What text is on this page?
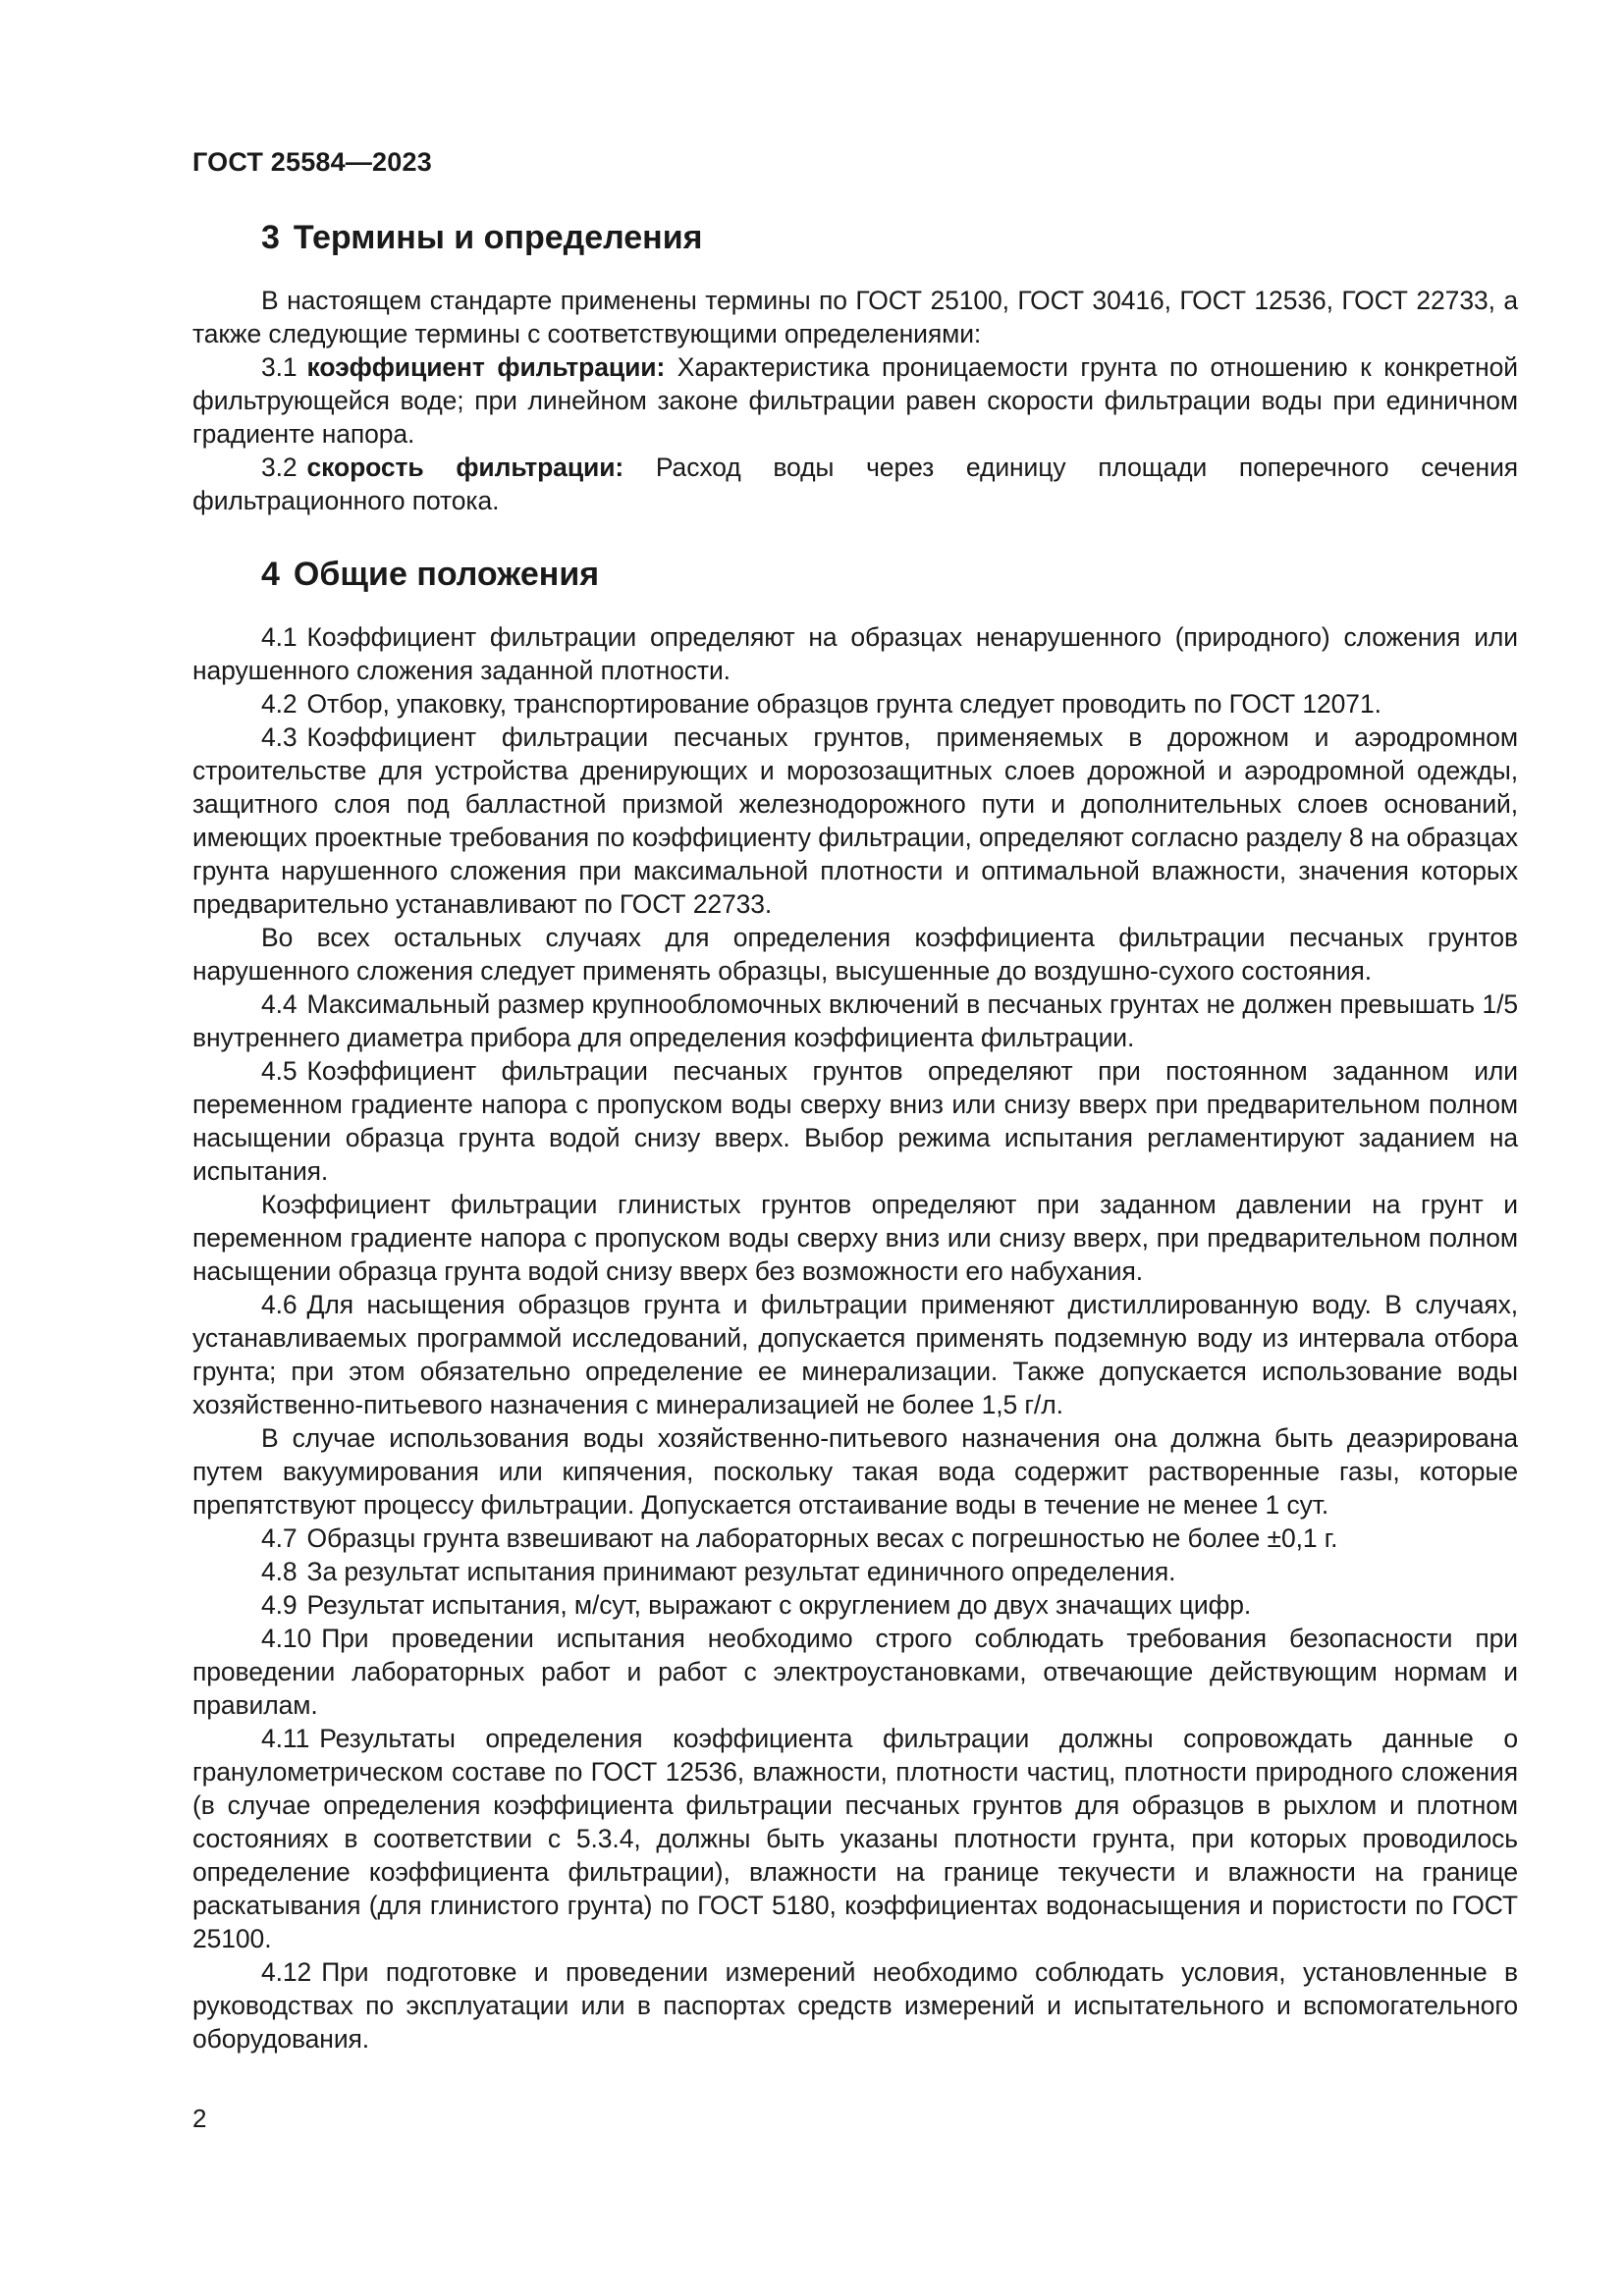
ГОСТ 25584—2023
3 Термины и определения

В настоящем стандарте применены термины по ГОСТ 25100, ГОСТ 30416, ГОСТ 12536, ГОСТ 22733, а также следующие термины с соответствующими определениями:

3.1 коэффициент фильтрации: Характеристика проницаемости грунта по отношению к конкретной фильтрующейся воде; при линейном законе фильтрации равен скорости фильтрации воды при единичном градиенте напора.

3.2 скорость фильтрации: Расход воды через единицу площади поперечного сечения фильтрационного потока.

4 Общие положения

4.1 Коэффициент фильтрации определяют на образцах ненарушенного (природного) сложения или нарушенного сложения заданной плотности.

4.2 Отбор, упаковку, транспортирование образцов грунта следует проводить по ГОСТ 12071.

4.3 Коэффициент фильтрации песчаных грунтов, применяемых в дорожном и аэродромном строительстве для устройства дренирующих и морозозащитных слоев дорожной и аэродромной одежды, защитного слоя под балластной призмой железнодорожного пути и дополнительных слоев оснований, имеющих проектные требования по коэффициенту фильтрации, определяют согласно разделу 8 на образцах грунта нарушенного сложения при максимальной плотности и оптимальной влажности, значения которых предварительно устанавливают по ГОСТ 22733.

Во всех остальных случаях для определения коэффициента фильтрации песчаных грунтов нарушенного сложения следует применять образцы, высушенные до воздушно-сухого состояния.

4.4 Максимальный размер крупнообломочных включений в песчаных грунтах не должен превышать 1/5 внутреннего диаметра прибора для определения коэффициента фильтрации.

4.5 Коэффициент фильтрации песчаных грунтов определяют при постоянном заданном или переменном градиенте напора с пропуском воды сверху вниз или снизу вверх при предварительном полном насыщении образца грунта водой снизу вверх. Выбор режима испытания регламентируют заданием на испытания.

Коэффициент фильтрации глинистых грунтов определяют при заданном давлении на грунт и переменном градиенте напора с пропуском воды сверху вниз или снизу вверх, при предварительном полном насыщении образца грунта водой снизу вверх без возможности его набухания.

4.6 Для насыщения образцов грунта и фильтрации применяют дистиллированную воду. В случаях, устанавливаемых программой исследований, допускается применять подземную воду из интервала отбора грунта; при этом обязательно определение ее минерализации. Также допускается использование воды хозяйственно-питьевого назначения с минерализацией не более 1,5 г/л.

В случае использования воды хозяйственно-питьевого назначения она должна быть деаэрирована путем вакуумирования или кипячения, поскольку такая вода содержит растворенные газы, которые препятствуют процессу фильтрации. Допускается отстаивание воды в течение не менее 1 сут.

4.7 Образцы грунта взвешивают на лабораторных весах с погрешностью не более ±0,1 г.

4.8 За результат испытания принимают результат единичного определения.

4.9 Результат испытания, м/сут, выражают с округлением до двух значащих цифр.

4.10 При проведении испытания необходимо строго соблюдать требования безопасности при проведении лабораторных работ и работ с электроустановками, отвечающие действующим нормам и правилам.

4.11 Результаты определения коэффициента фильтрации должны сопровождать данные о гранулометрическом составе по ГОСТ 12536, влажности, плотности частиц, плотности природного сложения (в случае определения коэффициента фильтрации песчаных грунтов для образцов в рыхлом и плотном состояниях в соответствии с 5.3.4, должны быть указаны плотности грунта, при которых проводилось определение коэффициента фильтрации), влажности на границе текучести и влажности на границе раскатывания (для глинистого грунта) по ГОСТ 5180, коэффициентах водонасыщения и пористости по ГОСТ 25100.

4.12 При подготовке и проведении измерений необходимо соблюдать условия, установленные в руководствах по эксплуатации или в паспортах средств измерений и испытательного и вспомогательного оборудования.

2
